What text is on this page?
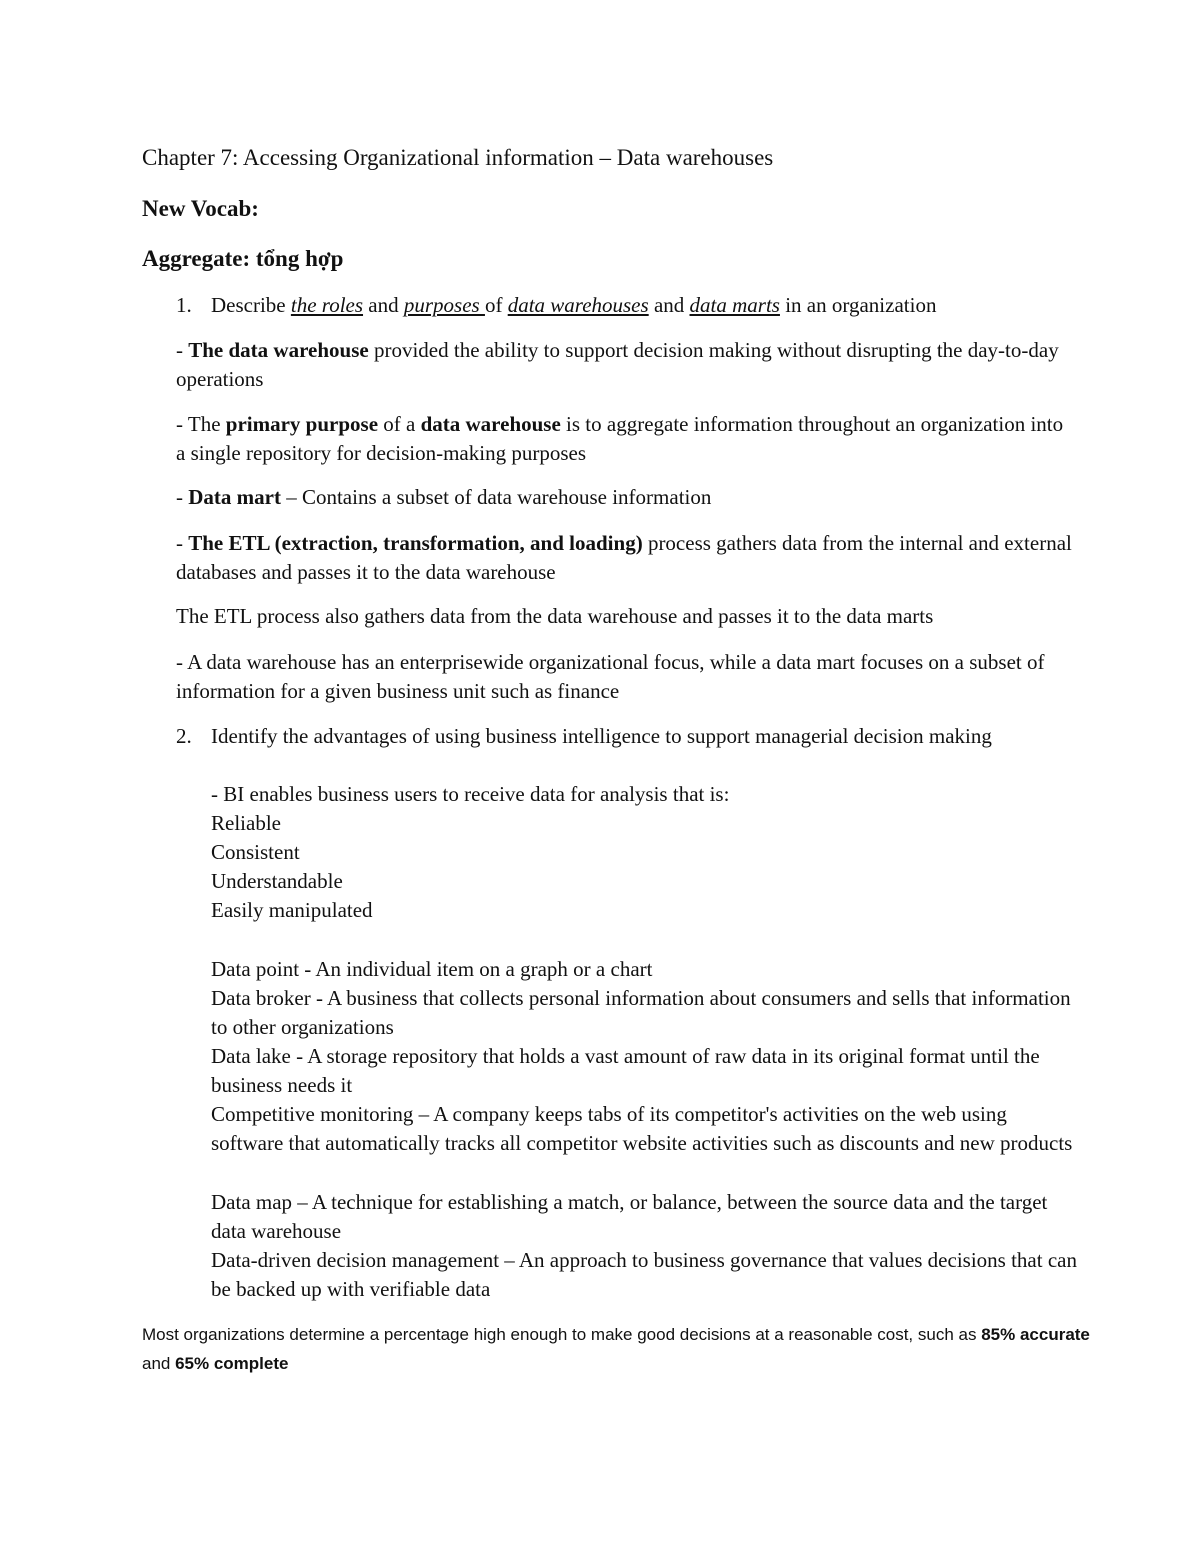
Chapter 7: Accessing Organizational information – Data warehouses
New Vocab:
Aggregate: tổng hợp
1. Describe the roles and purposes of data warehouses and data marts in an organization
- The data warehouse provided the ability to support decision making without disrupting the day-to-day operations
- The primary purpose of a data warehouse is to aggregate information throughout an organization into a single repository for decision-making purposes
- Data mart – Contains a subset of data warehouse information
- The ETL (extraction, transformation, and loading) process gathers data from the internal and external databases and passes it to the data warehouse
The ETL process also gathers data from the data warehouse and passes it to the data marts
- A data warehouse has an enterprisewide organizational focus, while a data mart focuses on a subset of information for a given business unit such as finance
2. Identify the advantages of using business intelligence to support managerial decision making
- BI enables business users to receive data for analysis that is:
Reliable
Consistent
Understandable
Easily manipulated
Data point - An individual item on a graph or a chart
Data broker - A business that collects personal information about consumers and sells that information to other organizations
Data lake - A storage repository that holds a vast amount of raw data in its original format until the business needs it
Competitive monitoring – A company keeps tabs of its competitor's activities on the web using software that automatically tracks all competitor website activities such as discounts and new products
Data map – A technique for establishing a match, or balance, between the source data and the target data warehouse
Data-driven decision management – An approach to business governance that values decisions that can be backed up with verifiable data
Most organizations determine a percentage high enough to make good decisions at a reasonable cost, such as 85% accurate and 65% complete
